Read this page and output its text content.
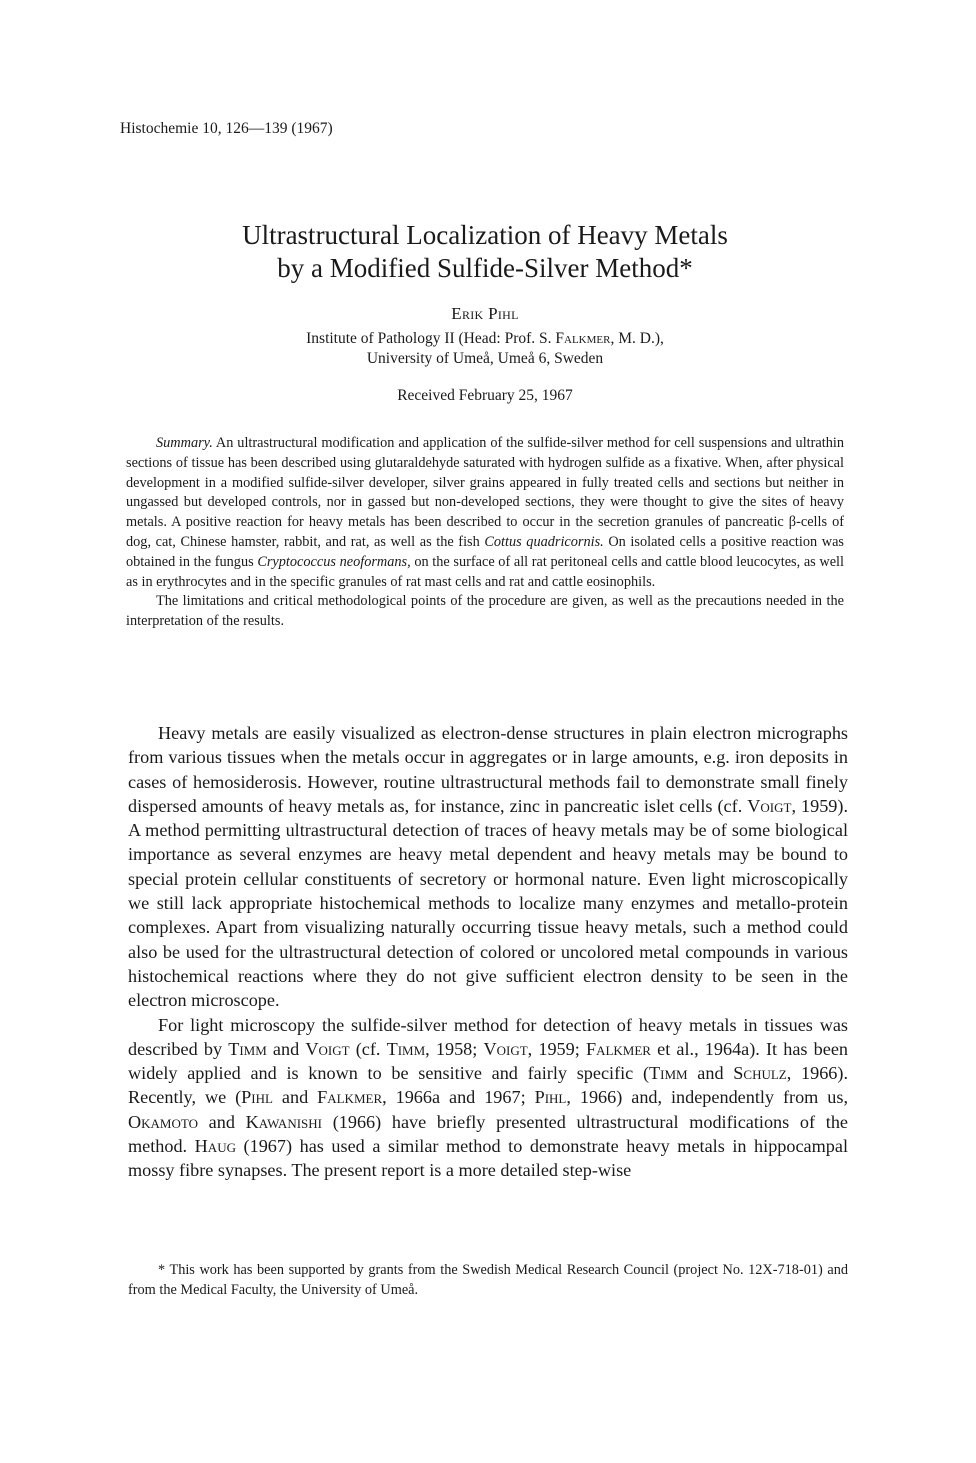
Histochemie 10, 126—139 (1967)
Ultrastructural Localization of Heavy Metals
by a Modified Sulfide-Silver Method*
Erik Pihl
Institute of Pathology II (Head: Prof. S. Falkmer, M. D.),
University of Umeå, Umeå 6, Sweden
Received February 25, 1967

Summary. An ultrastructural modification and application of the sulfide-silver method for cell suspensions and ultrathin sections of tissue has been described using glutaraldehyde saturated with hydrogen sulfide as a fixative. When, after physical development in a modified sulfide-silver developer, silver grains appeared in fully treated cells and sections but neither in ungassed but developed controls, nor in gassed but non-developed sections, they were thought to give the sites of heavy metals. A positive reaction for heavy metals has been described to occur in the secretion granules of pancreatic β-cells of dog, cat, Chinese hamster, rabbit, and rat, as well as the fish Cottus quadricornis. On isolated cells a positive reaction was obtained in the fungus Cryptococcus neoformans, on the surface of all rat peritoneal cells and cattle blood leucocytes, as well as in erythrocytes and in the specific granules of rat mast cells and rat and cattle eosinophils.

The limitations and critical methodological points of the procedure are given, as well as the precautions needed in the interpretation of the results.

Heavy metals are easily visualized as electron-dense structures in plain electron micrographs from various tissues when the metals occur in aggregates or in large amounts, e.g. iron deposits in cases of hemosiderosis. However, routine ultrastructural methods fail to demonstrate small finely dispersed amounts of heavy metals as, for instance, zinc in pancreatic islet cells (cf. Voigt, 1959). A method permitting ultrastructural detection of traces of heavy metals may be of some biological importance as several enzymes are heavy metal dependent and heavy metals may be bound to special protein cellular constituents of secretory or hormonal nature. Even light microscopically we still lack appropriate histochemical methods to localize many enzymes and metallo-protein complexes. Apart from visualizing naturally occurring tissue heavy metals, such a method could also be used for the ultrastructural detection of colored or uncolored metal compounds in various histochemical reactions where they do not give sufficient electron density to be seen in the electron microscope.

For light microscopy the sulfide-silver method for detection of heavy metals in tissues was described by Timm and Voigt (cf. Timm, 1958; Voigt, 1959; Falkmer et al., 1964a). It has been widely applied and is known to be sensitive and fairly specific (Timm and Schulz, 1966). Recently, we (Pihl and Falkmer, 1966a and 1967; Pihl, 1966) and, independently from us, Okamoto and Kawanishi (1966) have briefly presented ultrastructural modifications of the method. Haug (1967) has used a similar method to demonstrate heavy metals in hippocampal mossy fibre synapses. The present report is a more detailed step-wise

* This work has been supported by grants from the Swedish Medical Research Council (project No. 12X-718-01) and from the Medical Faculty, the University of Umeå.
